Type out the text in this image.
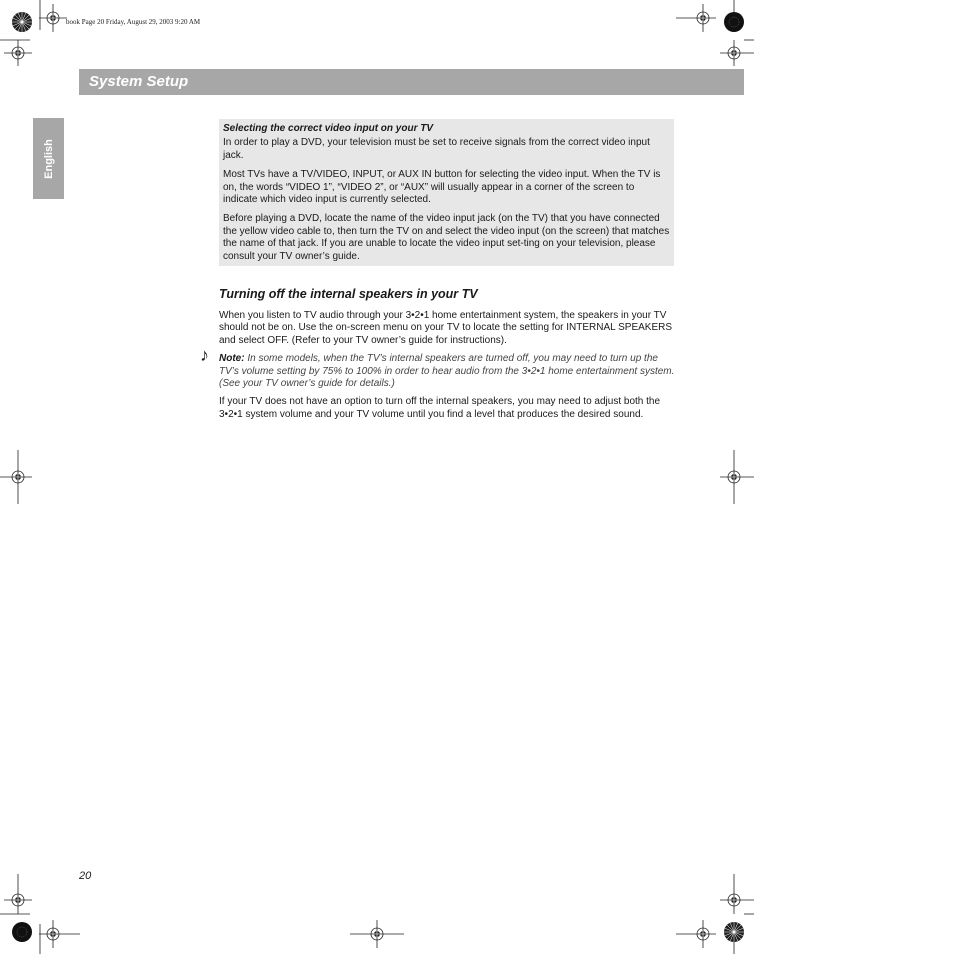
book Page 20 Friday, August 29, 2003 9:20 AM
System Setup
English

Selecting the correct video input on your TV

In order to play a DVD, your television must be set to receive signals from the correct video input jack.

Most TVs have a TV/VIDEO, INPUT, or AUX IN button for selecting the video input. When the TV is on, the words “VIDEO 1”, “VIDEO 2”, or “AUX” will usually appear in a corner of the screen to indicate which video input is currently selected.

Before playing a DVD, locate the name of the video input jack (on the TV) that you have connected the yellow video cable to, then turn the TV on and select the video input (on the screen) that matches the name of that jack. If you are unable to locate the video input set-ting on your television, please consult your TV owner’s guide.

Turning off the internal speakers in your TV

When you listen to TV audio through your 3•2•1 home entertainment system, the speakers in your TV should not be on. Use the on-screen menu on your TV to locate the setting for INTERNAL SPEAKERS and select OFF. (Refer to your TV owner’s guide for instructions).

♪ Note: In some models, when the TV’s internal speakers are turned off, you may need to turn up the TV’s volume setting by 75% to 100% in order to hear audio from the 3•2•1 home entertainment system. (See your TV owner’s guide for details.)

If your TV does not have an option to turn off the internal speakers, you may need to adjust both the 3•2•1 system volume and your TV volume until you find a level that produces the desired sound.

20
